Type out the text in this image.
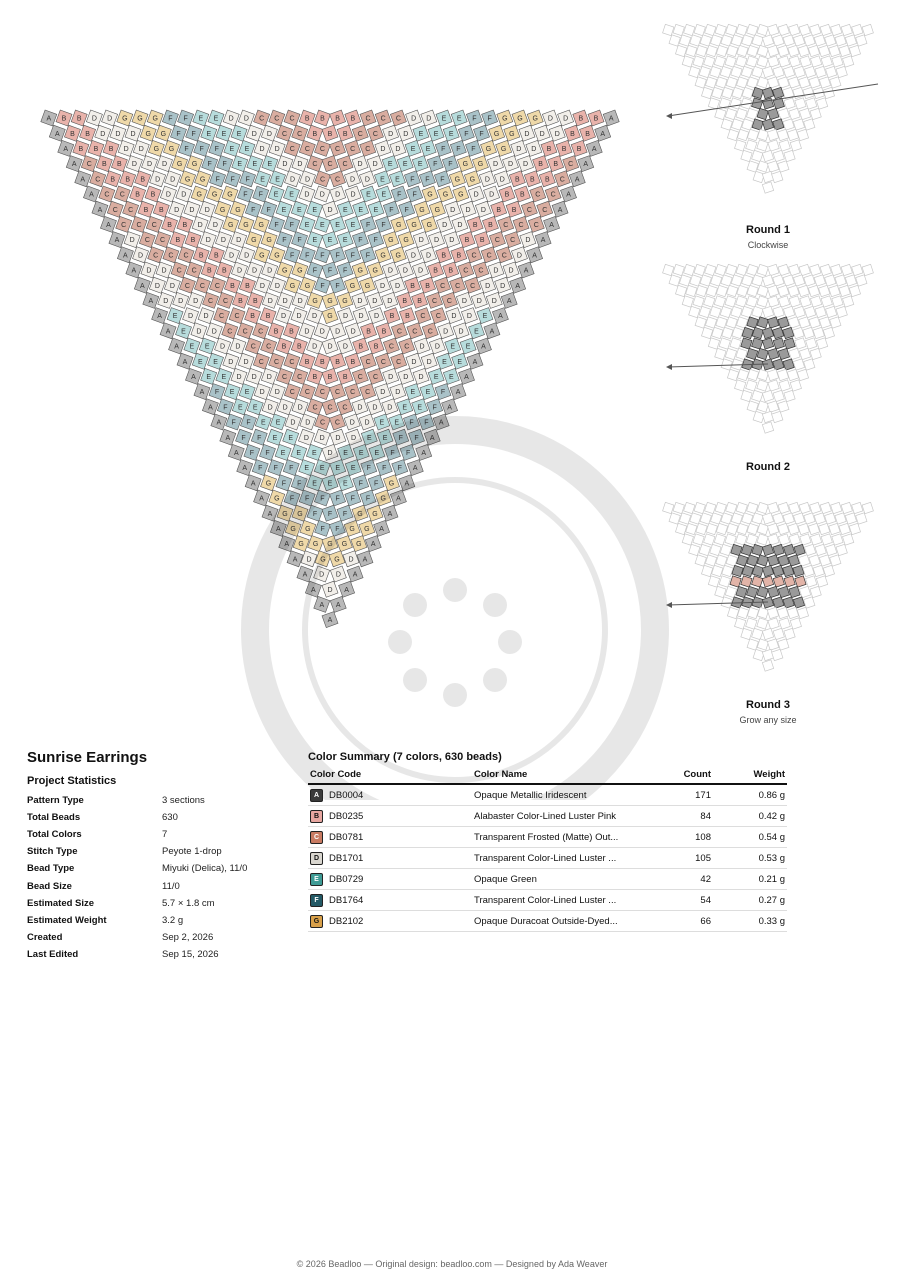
A B B D D G G G F F E E D D C C C B B B B C C C D D E E F F G G G D D B B A
A B B D D D G G F F E E E D D C C B B B C C D D E E E F F G G D D D B B A
A B B B D D G G F F F E E D D C C C C C C D D E E F F F G G D D B B B A
A C B B D D D G G F F E E E D D C C C D D E E E F F G G D D D B B C A
A C B B B D D G G F F F E E D D C C D D E E F F F G G D D B B B C A
A C C B B D D G G G F F E E D D D D E E F F G G G D D B B C C A
A C C B B D D D G G F F E E E D E E E F F G G D D D B B C C A
A C C C B B D D G G G F F E E E E F F G G G D D B B C C C A
A D C C B B D D D G G F F E E E F F G G D D D B B C C D A
A D C C C B B D D G G F F F F F F G G D D B B C C C D A
A D D C C B B D D D G G F F F G G D D D B B C C D D A
A D D C C C B B D D G G F F G G D D B B C C C D D A
A D D D C C B B D D D G G G D D D B B C C D D D A
A E D D C C B B D D D G D D D B B C C D D E A
A E D D C C C B B D D D D B B C C C D D E A
A E E D D C C B B D D D B B C C D D E E A
A E E D D C C C B B B B C C C D D E E A
A E E D D D C C B B B C C D D D E E A
A F E E D D C C C C C C D D E E F A
A F E E D D D C C C D D D E E F A
A F F E E D D C C D D E E F F A
A F F E E D D D D E E F F A
A F F E E E D E E E F F A
A F F F E E E E F F F A
A G F F E E E F F G A
A G F F F F F F G A
A G G F F F G G A
A G G F F G G A
A G G G G G A
A D G G D A
A D D A
A D A
A A
A
Round 1
Clockwise
Round 2
Round 3
Grow any size
Sunrise Earrings
Project Statistics
Pattern Type	3 sections
Total Beads	630
Total Colors	7
Stitch Type	Peyote 1-drop
Bead Type	Miyuki (Delica), 11/0
Bead Size	11/0
Estimated Size	5.7 × 1.8 cm
Estimated Weight	3.2 g
Created	Sep 2, 2026
Last Edited	Sep 15, 2026
Color Summary (7 colors, 630 beads)
Color Code	Color Name	Count	Weight

A DB0004	Opaque Metallic Iridescent	171	0.86 g

B DB0235	Alabaster Color-Lined Luster Pink	84	0.42 g

C DB0781	Transparent Frosted (Matte) Out...	108	0.54 g

D DB1701	Transparent Color-Lined Luster ...	105	0.53 g

E DB0729	Opaque Green	42	0.21 g

F DB1764	Transparent Color-Lined Luster ...	54	0.27 g

G DB2102	Opaque Duracoat Outside-Dyed...	66	0.33 g
© 2026 Beadloo — Original design: beadloo.com — Designed by Ada Weaver
